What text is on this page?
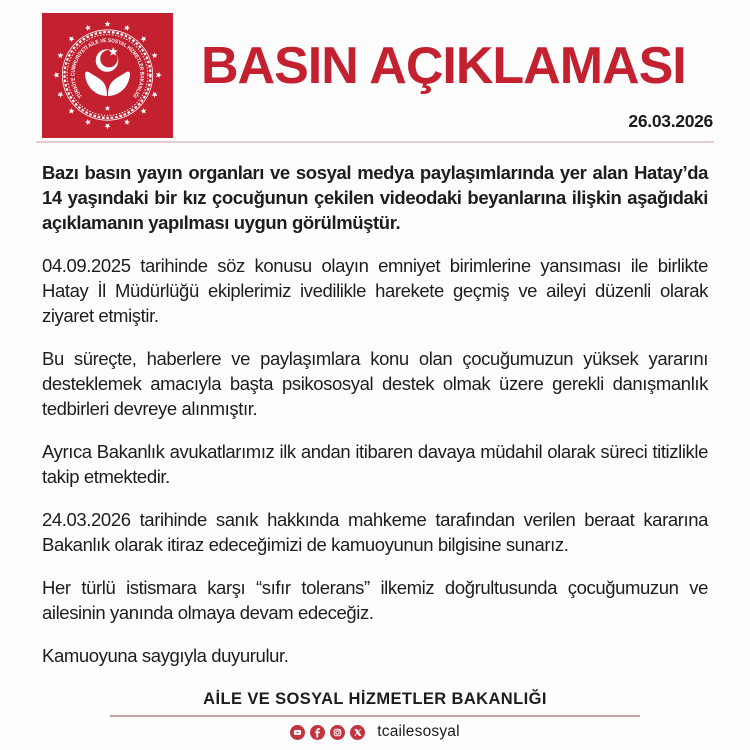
TÜRKİYE CUMHURİYETİ AİLE VE SOSYAL HİZMETLER BAKANLIĞI
BASIN AÇIKLAMASI
26.03.2026

Bazı basın yayın organları ve sosyal medya paylaşımlarında yer alan Hatay’da 14 yaşındaki bir kız çocuğunun çekilen videodaki beyanlarına ilişkin aşağıdaki açıklamanın yapılması uygun görülmüştür.

04.09.2025 tarihinde söz konusu olayın emniyet birimlerine yansıması ile birlikte Hatay İl Müdürlüğü ekiplerimiz ivedilikle harekete geçmiş ve aileyi düzenli olarak ziyaret etmiştir.

Bu süreçte, haberlere ve paylaşımlara konu olan çocuğumuzun yüksek yararını desteklemek amacıyla başta psikososyal destek olmak üzere gerekli danışmanlık tedbirleri devreye alınmıştır.

Ayrıca Bakanlık avukatlarımız ilk andan itibaren davaya müdahil olarak süreci titizlikle takip etmektedir.

24.03.2026 tarihinde sanık hakkında mahkeme tarafından verilen beraat kararına Bakanlık olarak itiraz edeceğimizi de kamuoyunun bilgisine sunarız.

Her türlü istismara karşı “sıfır tolerans” ilkemiz doğrultusunda çocuğumuzun ve ailesinin yanında olmaya devam edeceğiz.

Kamuoyuna saygıyla duyurulur.

AİLE VE SOSYAL HİZMETLER BAKANLIĞI
tcailesosyal
